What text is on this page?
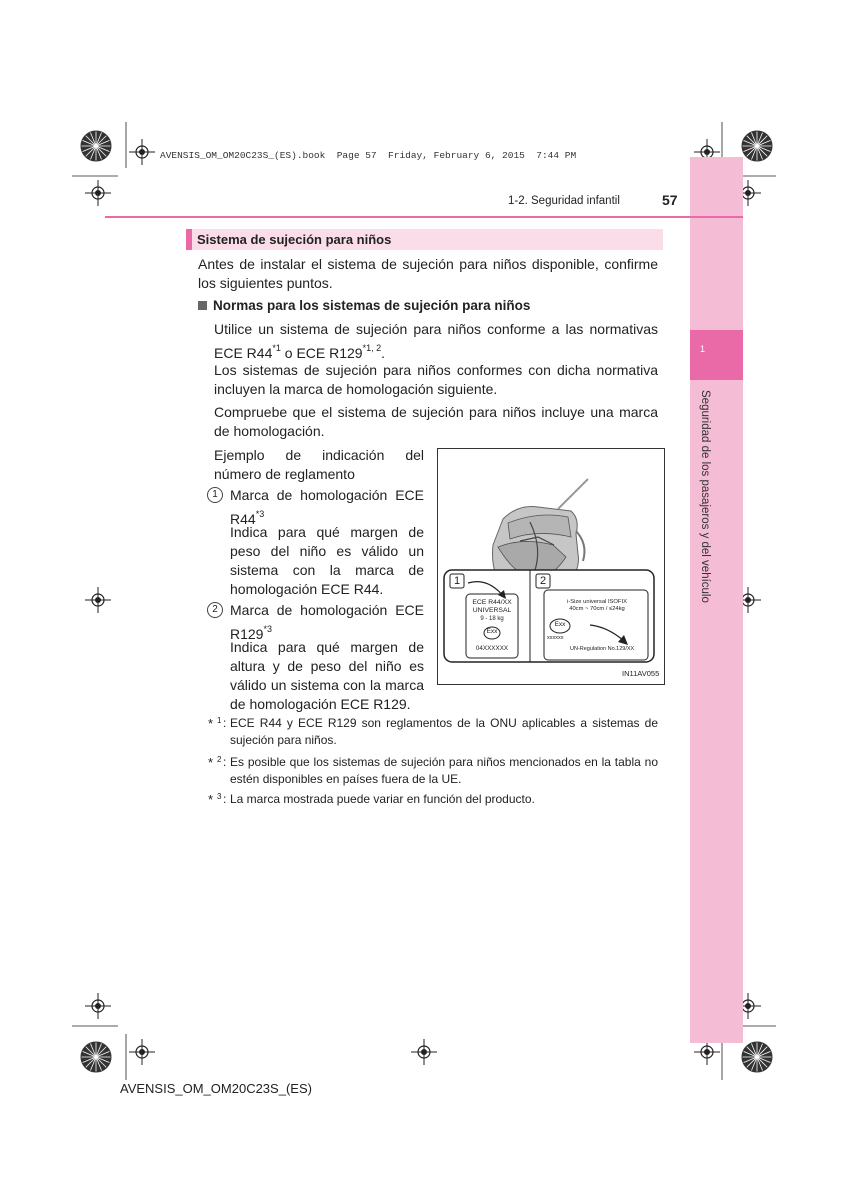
1
Seguridad de los pasajeros y del vehículo
AVENSIS_OM_OM20C23S_(ES).book  Page 57  Friday, February 6, 2015  7:44 PM
1-2. Seguridad infantil	57
Sistema de sujeción para niños
Antes de instalar el sistema de sujeción para niños disponible, confirme los siguientes puntos.
Normas para los sistemas de sujeción para niños
Utilice un sistema de sujeción para niños conforme a las normativas ECE R44$^{*1}$ o ECE R129$^{*1, 2}$.
Los sistemas de sujeción para niños conformes con dicha normativa incluyen la marca de homologación siguiente.
Compruebe que el sistema de sujeción para niños incluye una marca de homologación.
Ejemplo de indicación del número de reglamento
1 Marca de homologación ECE R44$^{*3}$
Indica para qué margen de peso del niño es válido un sistema con la marca de homologación ECE R44.
2 Marca de homologación ECE R129$^{*3}$
Indica para qué margen de altura y de peso del niño es válido un sistema con la marca de homologación ECE R129.
1	2
ECE R44/XX
UNIVERSAL
9 - 18 kg
Exx
04XXXXXX
i-Size universal ISOFIX
40cm ~ 70cm / ≤24kg
Exx
xxxxxx
UN-Regulation No.129/XX
IN11AV055
* 1 : ECE R44 y ECE R129 son reglamentos de la ONU aplicables a sistemas de sujeción para niños.
* 2 : Es posible que los sistemas de sujeción para niños mencionados en la tabla no estén disponibles en países fuera de la UE.
* 3 : La marca mostrada puede variar en función del producto.
AVENSIS_OM_OM20C23S_(ES)
